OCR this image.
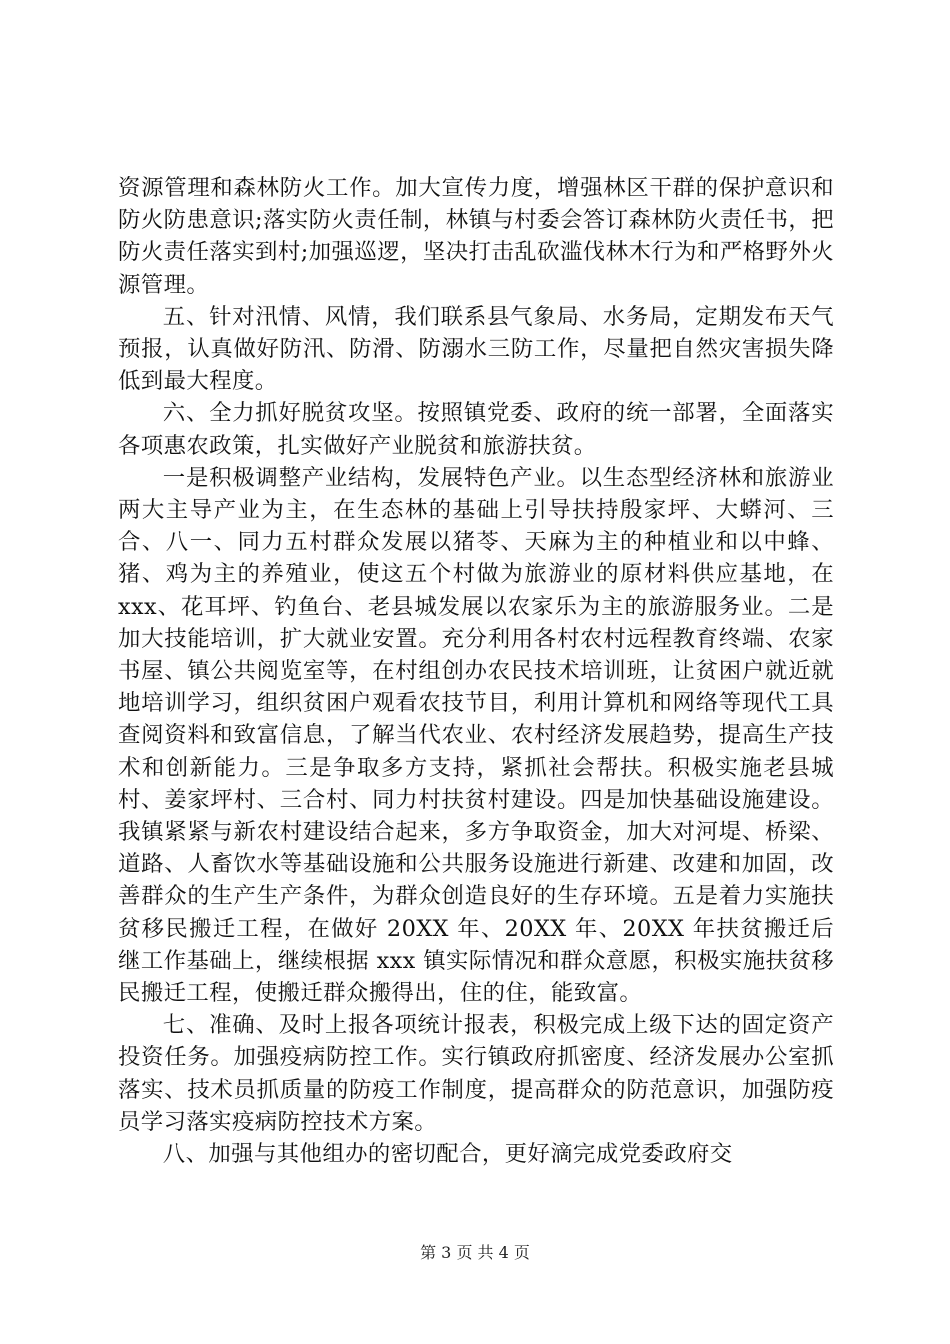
资源管理和森林防火工作。加大宣传力度，增强林区干群的保护意识和防火防患意识;落实防火责任制，林镇与村委会答订森林防火责任书，把防火责任落实到村;加强巡逻，坚决打击乱砍滥伐林木行为和严格野外火源管理。

五、针对汛情、风情，我们联系县气象局、水务局，定期发布天气预报，认真做好防汛、防滑、防溺水三防工作，尽量把自然灾害损失降低到最大程度。

六、全力抓好脱贫攻坚。按照镇党委、政府的统一部署，全面落实各项惠农政策，扎实做好产业脱贫和旅游扶贫。

一是积极调整产业结构，发展特色产业。以生态型经济林和旅游业两大主导产业为主，在生态林的基础上引导扶持殷家坪、大蟒河、三合、八一、同力五村群众发展以猪苓、天麻为主的种植业和以中蜂、猪、鸡为主的养殖业，使这五个村做为旅游业的原材料供应基地，在 xxx、花耳坪、钓鱼台、老县城发展以农家乐为主的旅游服务业。二是加大技能培训，扩大就业安置。充分利用各村农村远程教育终端、农家书屋、镇公共阅览室等，在村组创办农民技术培训班，让贫困户就近就地培训学习，组织贫困户观看农技节目，利用计算机和网络等现代工具查阅资料和致富信息，了解当代农业、农村经济发展趋势，提高生产技术和创新能力。三是争取多方支持，紧抓社会帮扶。积极实施老县城村、姜家坪村、三合村、同力村扶贫村建设。四是加快基础设施建设。我镇紧紧与新农村建设结合起来，多方争取资金，加大对河堤、桥梁、道路、人畜饮水等基础设施和公共服务设施进行新建、改建和加固，改善群众的生产生产条件，为群众创造良好的生存环境。五是着力实施扶贫移民搬迁工程，在做好 20XX 年、20XX 年、20XX 年扶贫搬迁后继工作基础上，继续根据 xxx 镇实际情况和群众意愿，积极实施扶贫移民搬迁工程，使搬迁群众搬得出，住的住，能致富。

七、准确、及时上报各项统计报表，积极完成上级下达的固定资产投资任务。加强疫病防控工作。实行镇政府抓密度、经济发展办公室抓落实、技术员抓质量的防疫工作制度，提高群众的防范意识，加强防疫员学习落实疫病防控技术方案。

八、加强与其他组办的密切配合，更好滴完成党委政府交

第 3 页 共 4 页
